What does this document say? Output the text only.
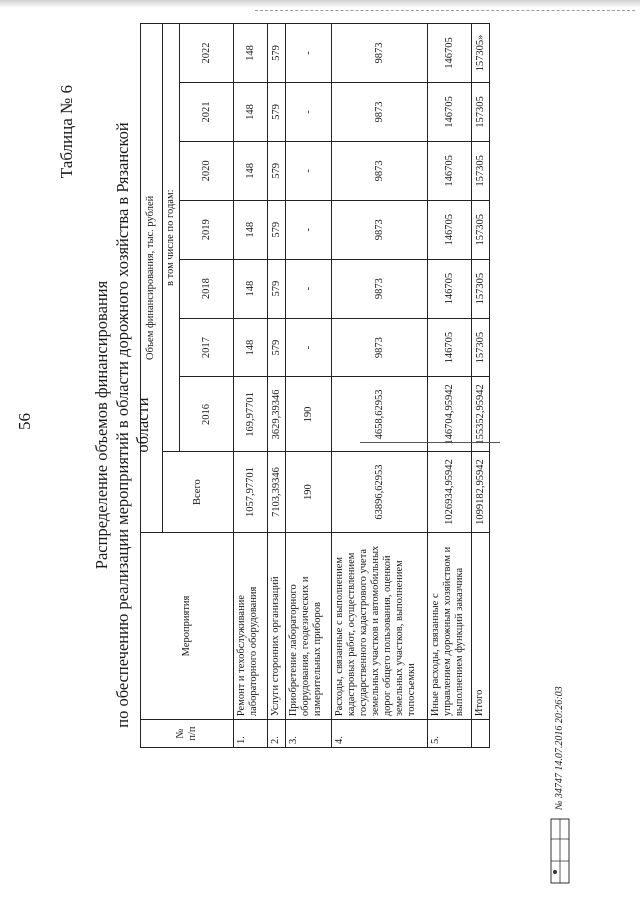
56
Таблица № 6
Распределение объемов финансирования по обеспечению реализации мероприятий в области дорожного хозяйства в Рязанской области
№ п/п	Мероприятия	Объем финансирования, тыс. рублей							
		Всего	в том числе по годам:						
			2016	2017	2018	2019	2020	2021	2022
1.	Ремонт и техобслуживание лабораторного оборудования	1057,97701	169,97701	148	148	148	148	148	148
2.	Услуги сторонних организаций	7103,39346	3629,39346	579	579	579	579	579	579
3.	Приобретение лабораторного оборудования, геодезических и измерительных приборов	190	190	-	-	-	-	-	-
4.	Расходы, связанные с выполнением кадастровых работ, осуществлением государственного кадастрового учета земельных участков и автомобильных дорог общего пользования, оценкой земельных участков, выполнением топосъемки	63896,62953	4658,62953	9873	9873	9873	9873	9873	9873
5.	Иные расходы, связанные с управлением дорожным хозяйством и выполнением функций заказчика	1026934,95942	146704,95942	146705	146705	146705	146705	146705	146705
	Итого	1099182,95942	155352,95942	157305	157305	157305	157305	157305	157305»
№ 34747 14.07.2016 20:26:03
